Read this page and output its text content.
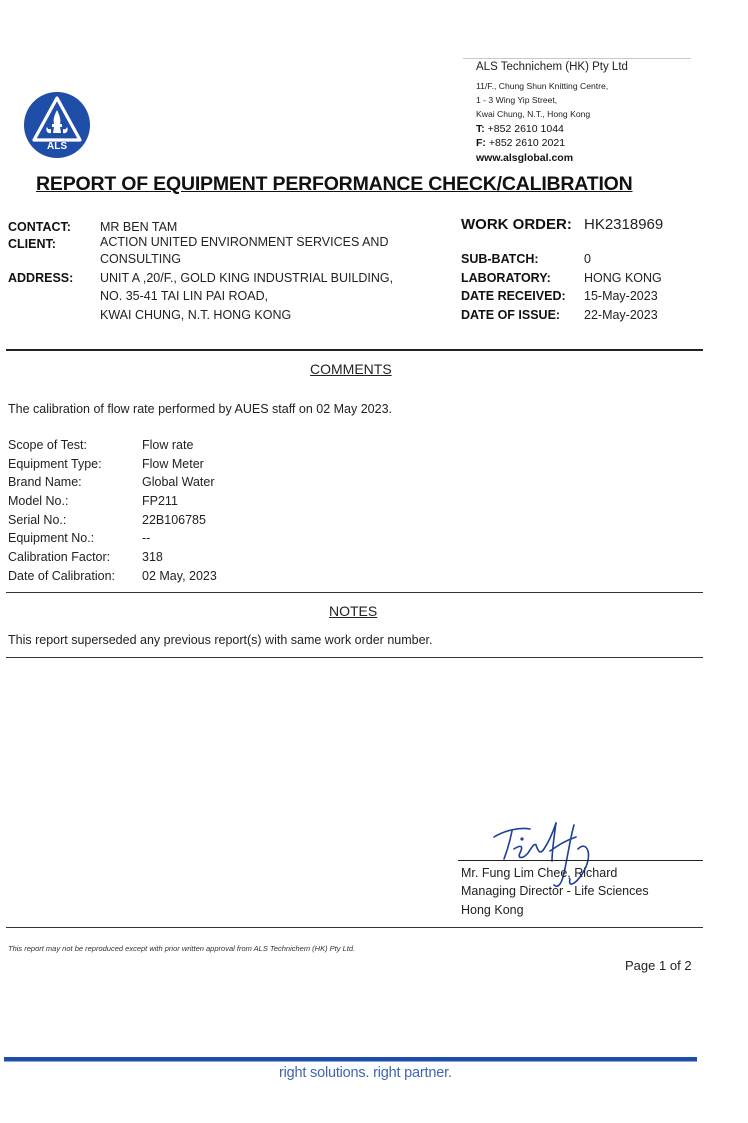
ALS Technichem (HK) Pty Ltd
11/F., Chung Shun Knitting Centre,
1 - 3 Wing Yip Street,
Kwai Chung, N.T., Hong Kong
T: +852 2610 1044
F: +852 2610 2021
www.alsglobal.com
ALS
REPORT OF EQUIPMENT PERFORMANCE CHECK/CALIBRATION
CONTACT: MR BEN TAM
CLIENT:	ACTION UNITED ENVIRONMENT SERVICES AND
CONSULTING
ADDRESS: UNIT A ,20/F., GOLD KING INDUSTRIAL BUILDING,
NO. 35-41 TAI LIN PAI ROAD,
KWAI CHUNG, N.T. HONG KONG
WORK ORDER: HK2318969
SUB-BATCH:	0
LABORATORY:	HONG KONG
DATE RECEIVED: 15-May-2023
DATE OF ISSUE: 22-May-2023
COMMENTS
The calibration of flow rate performed by AUES staff on 02 May 2023.
Scope of Test:	Flow rate
Equipment Type:	Flow Meter
Brand Name:	Global Water
Model No.:	FP211
Serial No.:	22B106785
Equipment No.:	--
Calibration Factor:	318
Date of Calibration: 02 May, 2023
NOTES
This report superseded any previous report(s) with same work order number.
Mr. Fung Lim Chee, Richard
Managing Director - Life Sciences
Hong Kong
This report may not be reproduced except with prior written approval from ALS Technichem (HK) Pty Ltd.
Page 1 of 2
right solutions. right partner.
